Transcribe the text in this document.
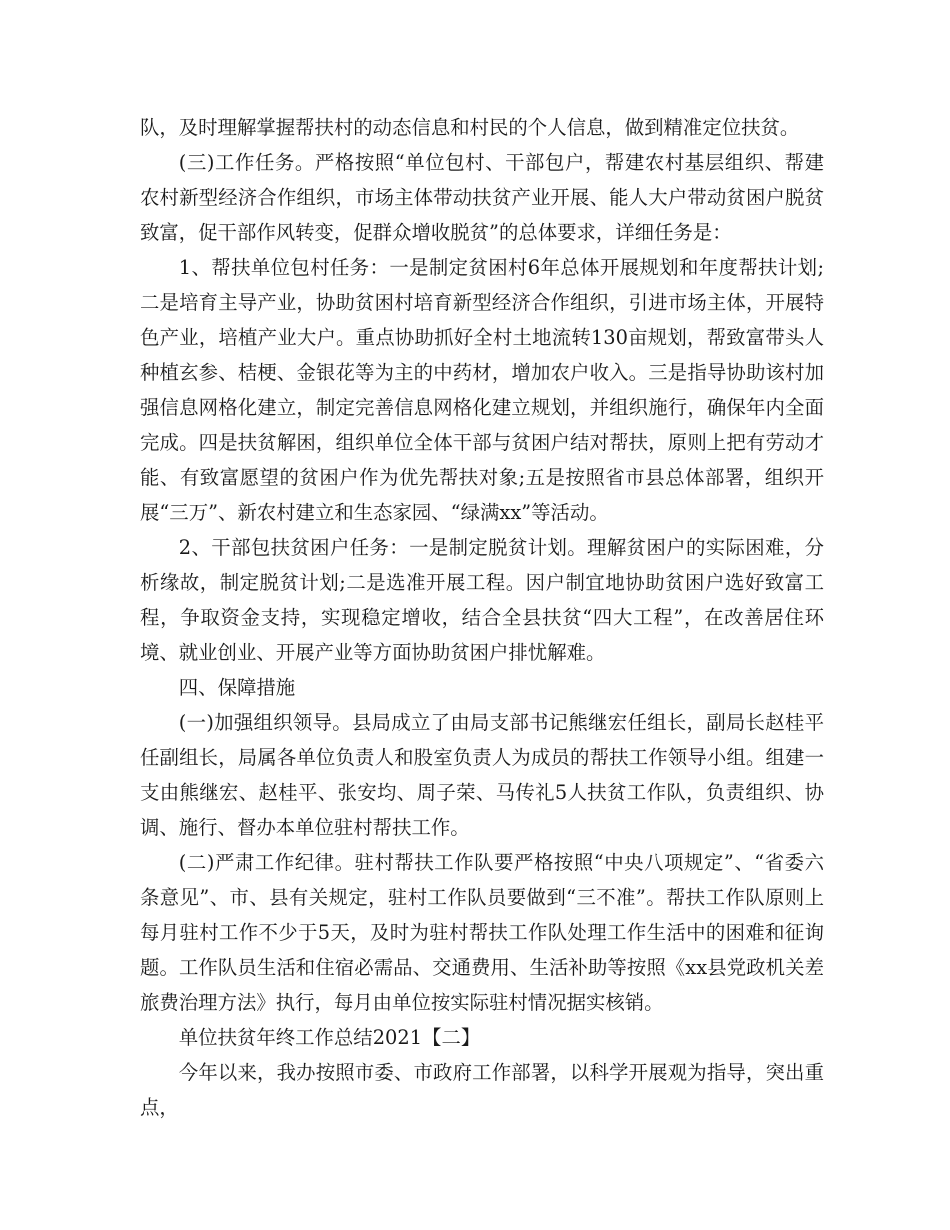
队，及时理解掌握帮扶村的动态信息和村民的个人信息，做到精准定位扶贫。

(三)工作任务。严格按照“单位包村、干部包户，帮建农村基层组织、帮建农村新型经济合作组织，市场主体带动扶贫产业开展、能人大户带动贫困户脱贫致富，促干部作风转变，促群众增收脱贫”的总体要求，详细任务是：

1、帮扶单位包村任务：一是制定贫困村6年总体开展规划和年度帮扶计划;二是培育主导产业，协助贫困村培育新型经济合作组织，引进市场主体，开展特色产业，培植产业大户。重点协助抓好全村土地流转130亩规划，帮致富带头人种植玄参、桔梗、金银花等为主的中药材，增加农户收入。三是指导协助该村加强信息网格化建立，制定完善信息网格化建立规划，并组织施行，确保年内全面完成。四是扶贫解困，组织单位全体干部与贫困户结对帮扶，原则上把有劳动才能、有致富愿望的贫困户作为优先帮扶对象;五是按照省市县总体部署，组织开展“三万”、新农村建立和生态家园、“绿满xx”等活动。

2、干部包扶贫困户任务：一是制定脱贫计划。理解贫困户的实际困难，分析缘故，制定脱贫计划;二是选准开展工程。因户制宜地协助贫困户选好致富工程，争取资金支持，实现稳定增收，结合全县扶贫“四大工程”，在改善居住环境、就业创业、开展产业等方面协助贫困户排忧解难。

四、保障措施

(一)加强组织领导。县局成立了由局支部书记熊继宏任组长，副局长赵桂平任副组长，局属各单位负责人和股室负责人为成员的帮扶工作领导小组。组建一支由熊继宏、赵桂平、张安均、周子荣、马传礼5人扶贫工作队，负责组织、协调、施行、督办本单位驻村帮扶工作。

(二)严肃工作纪律。驻村帮扶工作队要严格按照“中央八项规定”、“省委六条意见”、市、县有关规定，驻村工作队员要做到“三不准”。帮扶工作队原则上每月驻村工作不少于5天，及时为驻村帮扶工作队处理工作生活中的困难和征询题。工作队员生活和住宿必需品、交通费用、生活补助等按照《xx县党政机关差旅费治理方法》执行，每月由单位按实际驻村情况据实核销。

单位扶贫年终工作总结2021【二】

今年以来，我办按照市委、市政府工作部署，以科学开展观为指导，突出重点，
